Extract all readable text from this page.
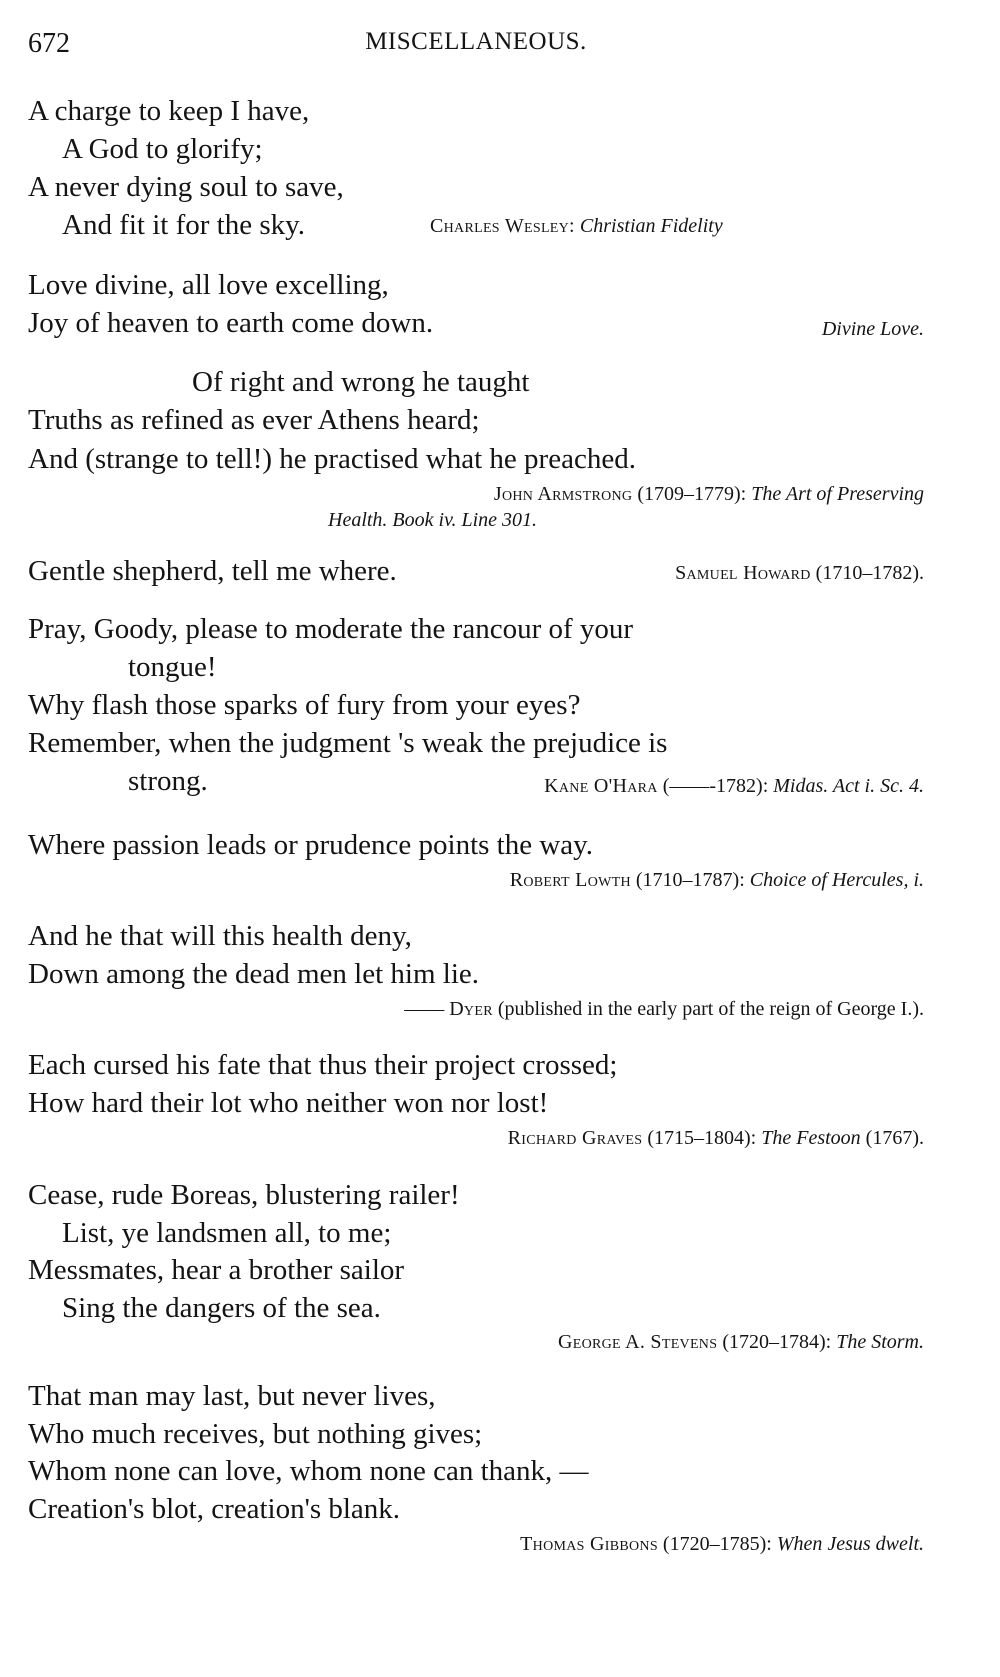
672	MISCELLANEOUS.
A charge to keep I have,
A God to glorify;
A never dying soul to save,
And fit it for the sky.	Charles Wesley: Christian Fidelity
Love divine, all love excelling,
Joy of heaven to earth come down.	Divine Love.
Of right and wrong he taught
Truths as refined as ever Athens heard;
And (strange to tell!) he practised what he preached.
John Armstrong (1709–1779): The Art of Preserving
Health. Book iv. Line 301.
Gentle shepherd, tell me where.	Samuel Howard (1710–1782).
Pray, Goody, please to moderate the rancour of your
tongue!
Why flash those sparks of fury from your eyes?
Remember, when the judgment 's weak the prejudice is
strong.	Kane O'Hara (——-1782): Midas. Act i. Sc. 4.
Where passion leads or prudence points the way.
Robert Lowth (1710–1787): Choice of Hercules, i.
And he that will this health deny,
Down among the dead men let him lie.
—— Dyer (published in the early part of the reign of George I.).
Each cursed his fate that thus their project crossed;
How hard their lot who neither won nor lost!
Richard Graves (1715–1804): The Festoon (1767).
Cease, rude Boreas, blustering railer!
List, ye landsmen all, to me;
Messmates, hear a brother sailor
Sing the dangers of the sea.
George A. Stevens (1720–1784): The Storm.
That man may last, but never lives,
Who much receives, but nothing gives;
Whom none can love, whom none can thank, —
Creation's blot, creation's blank.
Thomas Gibbons (1720–1785): When Jesus dwelt.
